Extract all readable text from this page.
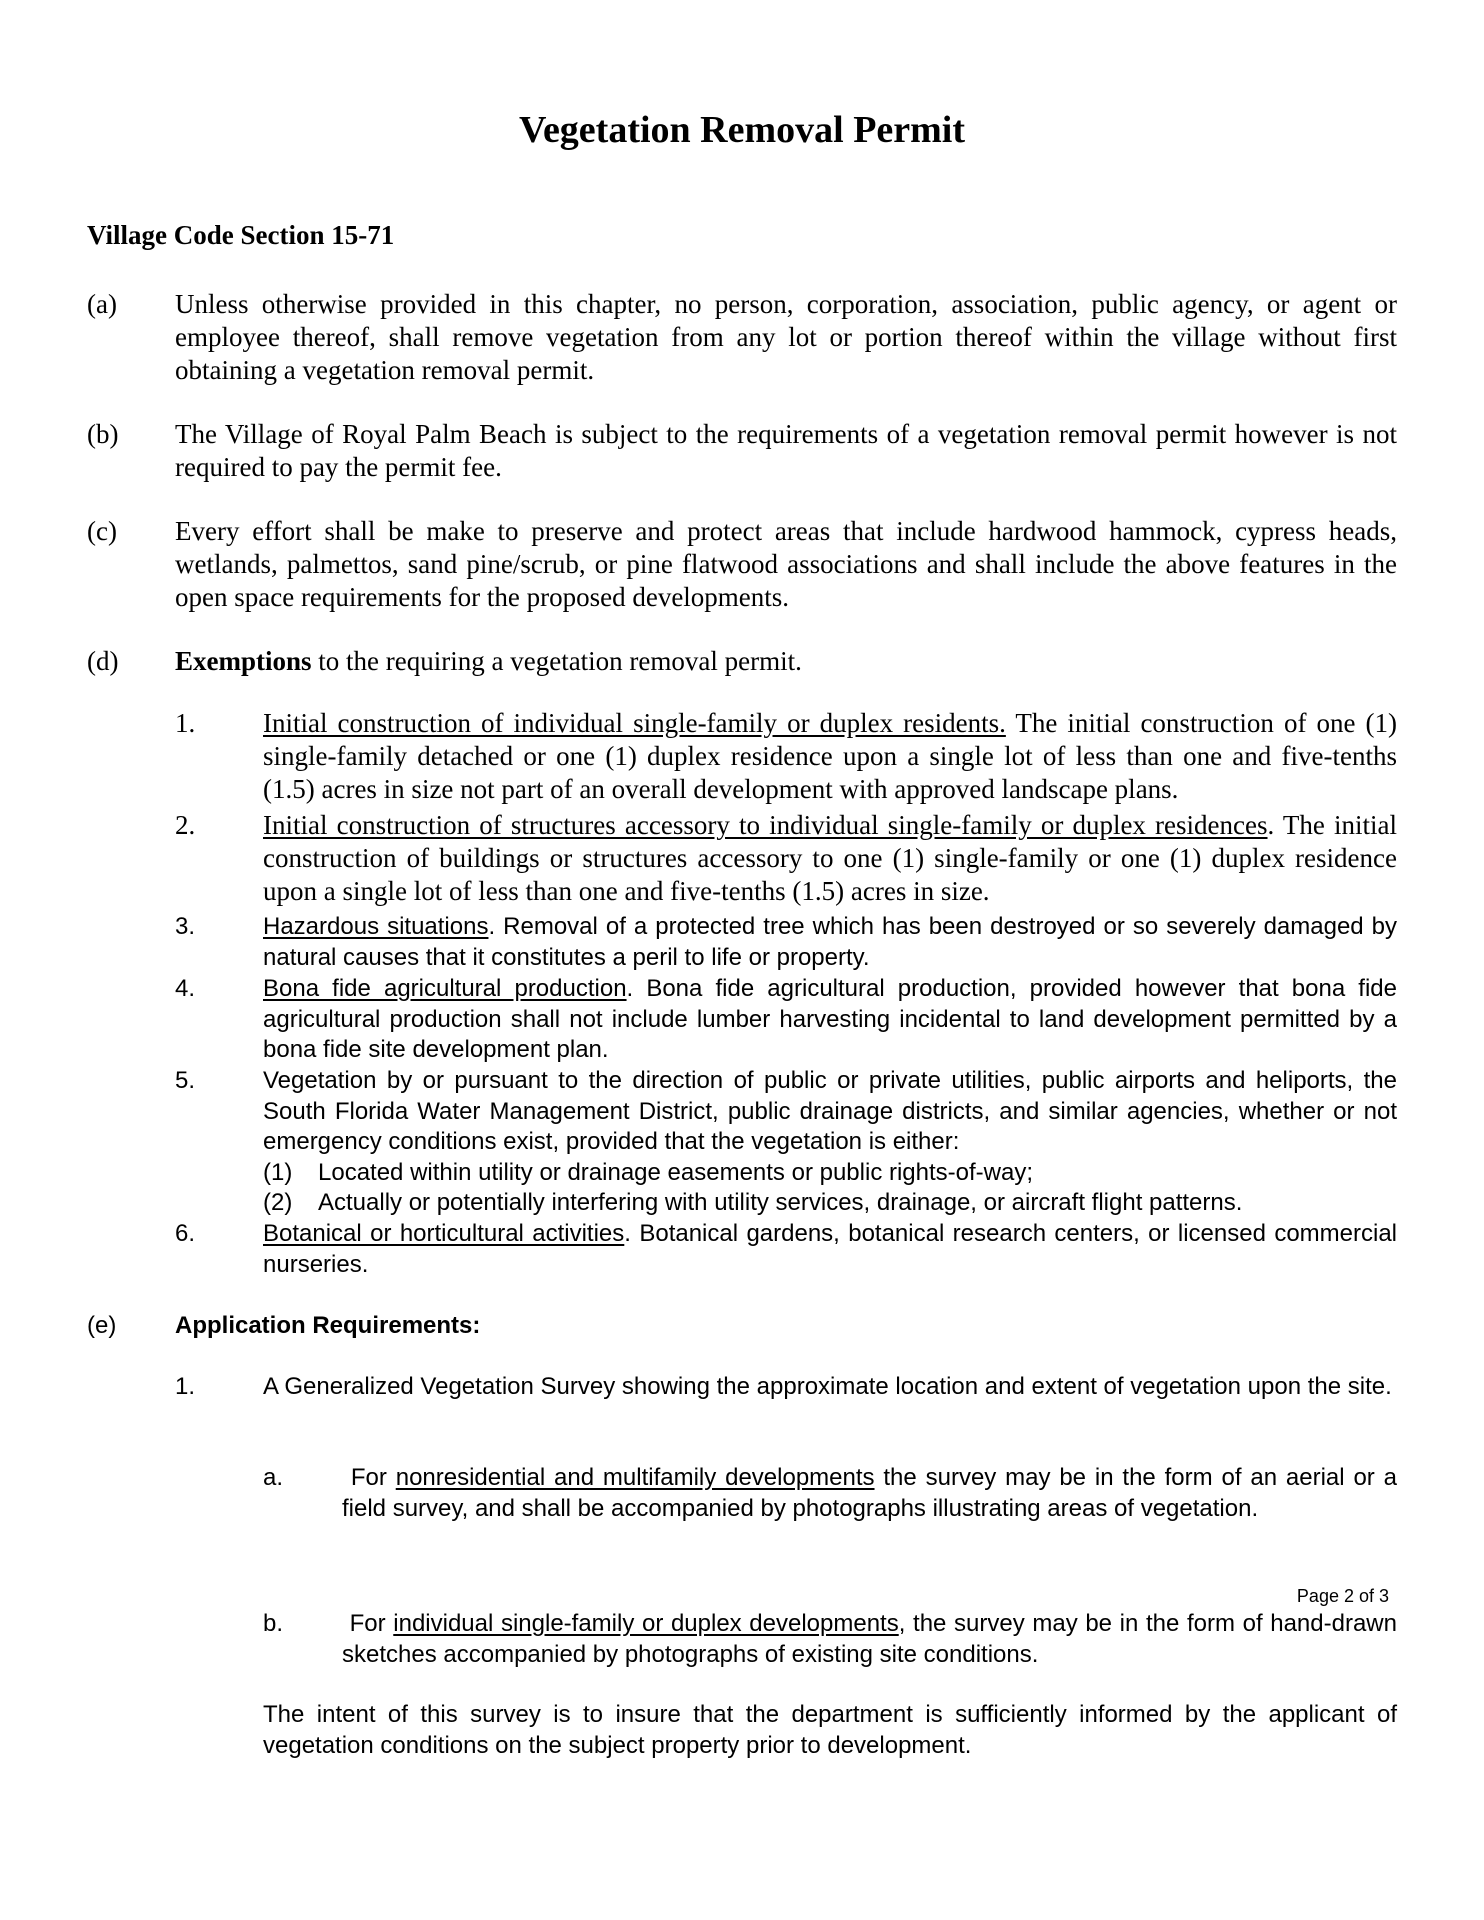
Vegetation Removal Permit
Village Code Section 15-71
(a) Unless otherwise provided in this chapter, no person, corporation, association, public agency, or agent or employee thereof, shall remove vegetation from any lot or portion thereof within the village without first obtaining a vegetation removal permit.
(b) The Village of Royal Palm Beach is subject to the requirements of a vegetation removal permit however is not required to pay the permit fee.
(c) Every effort shall be make to preserve and protect areas that include hardwood hammock, cypress heads, wetlands, palmettos, sand pine/scrub, or pine flatwood associations and shall include the above features in the open space requirements for the proposed developments.
(d) Exemptions to the requiring a vegetation removal permit.
1.	Initial construction of individual single-family or duplex residents. The initial construction of one (1) single-family detached or one (1) duplex residence upon a single lot of less than one and five-tenths (1.5) acres in size not part of an overall development with approved landscape plans.
2.	Initial construction of structures accessory to individual single-family or duplex residences. The initial construction of buildings or structures accessory to one (1) single-family or one (1) duplex residence upon a single lot of less than one and five-tenths (1.5) acres in size.
3.	Hazardous situations. Removal of a protected tree which has been destroyed or so severely damaged by natural causes that it constitutes a peril to life or property.
4.	Bona fide agricultural production. Bona fide agricultural production, provided however that bona fide agricultural production shall not include lumber harvesting incidental to land development permitted by a bona fide site development plan.
5.	Vegetation by or pursuant to the direction of public or private utilities, public airports and heliports, the South Florida Water Management District, public drainage districts, and similar agencies, whether or not emergency conditions exist, provided that the vegetation is either:
(1) Located within utility or drainage easements or public rights-of-way;
(2) Actually or potentially interfering with utility services, drainage, or aircraft flight patterns.
6.	Botanical or horticultural activities. Botanical gardens, botanical research centers, or licensed commercial nurseries.
(e) Application Requirements:
1.	A Generalized Vegetation Survey showing the approximate location and extent of vegetation upon the site.
a. For nonresidential and multifamily developments the survey may be in the form of an aerial or a field survey, and shall be accompanied by photographs illustrating areas of vegetation.
Page 2 of 3
b. For individual single-family or duplex developments, the survey may be in the form of hand-drawn sketches accompanied by photographs of existing site conditions.
The intent of this survey is to insure that the department is sufficiently informed by the applicant of vegetation conditions on the subject property prior to development.
